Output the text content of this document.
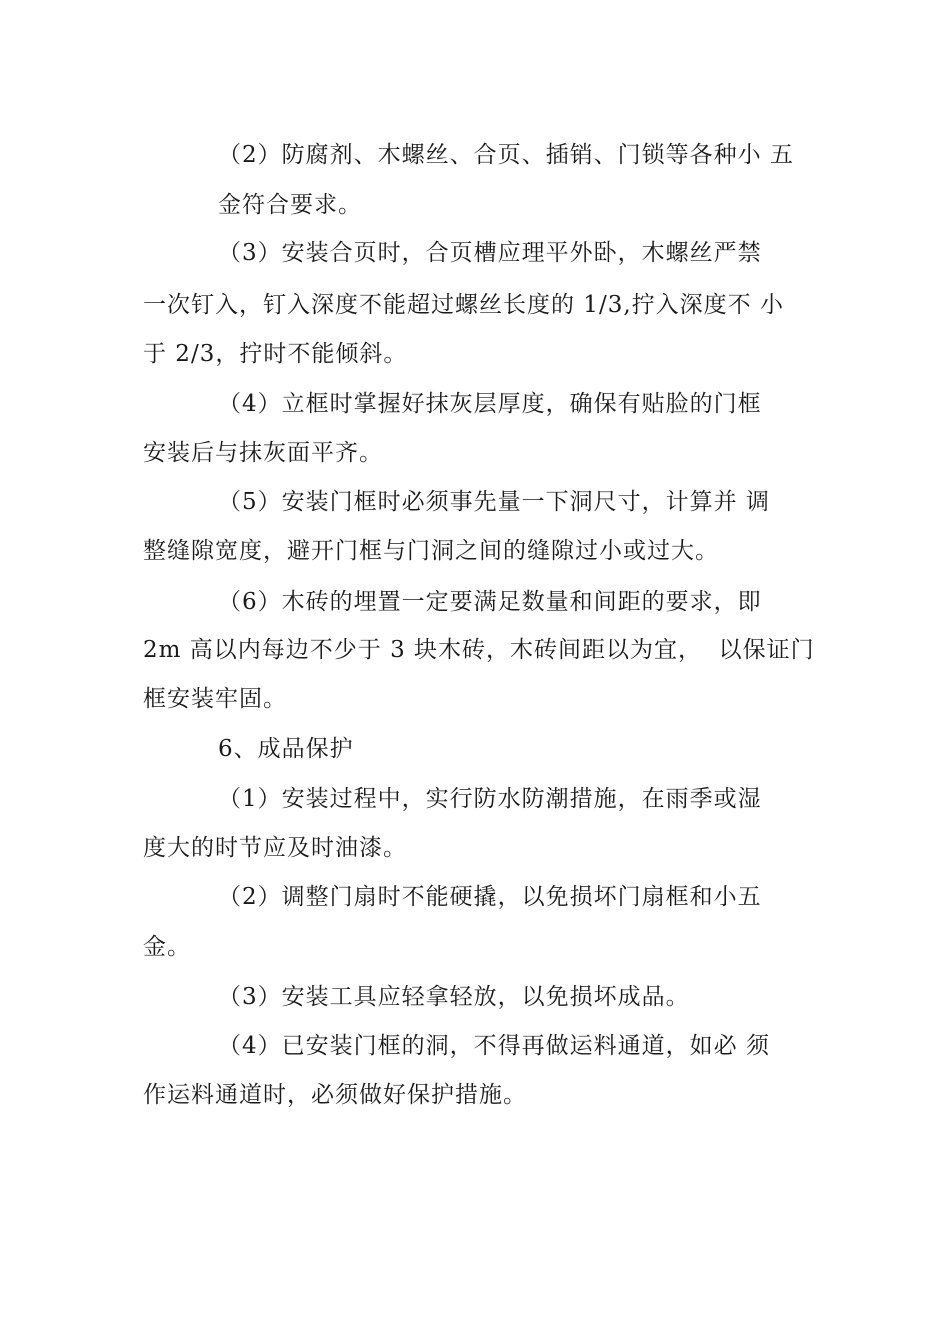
（2）防腐剂、木螺丝、合页、插销、门锁等各种小 五
金符合要求。
（3）安装合页时，合页槽应理平外卧，木螺丝严禁
一次钉入，钉入深度不能超过螺丝长度的 1/3,拧入深度不 小
于 2/3，拧时不能倾斜。
（4）立框时掌握好抹灰层厚度，确保有贴脸的门框
安装后与抹灰面平齐。
（5）安装门框时必须事先量一下洞尺寸，计算并 调
整缝隙宽度，避开门框与门洞之间的缝隙过小或过大。
（6）木砖的埋置一定要满足数量和间距的要求，即
2m 高以内每边不少于 3 块木砖，木砖间距以为宜，  以保证门
框安装牢固。
6、成品保护
（1）安装过程中，实行防水防潮措施，在雨季或湿
度大的时节应及时油漆。
（2）调整门扇时不能硬撬，以免损坏门扇框和小五
金。
（3）安装工具应轻拿轻放，以免损坏成品。
（4）已安装门框的洞，不得再做运料通道，如必 须
作运料通道时，必须做好保护措施。
